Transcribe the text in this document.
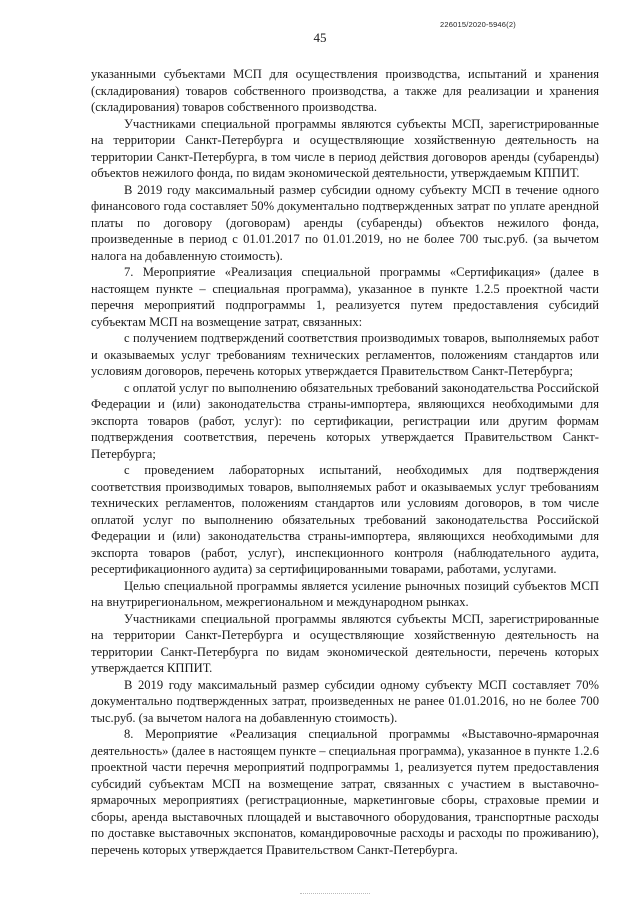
226015/2020-5946(2)
45

указанными субъектами МСП для осуществления производства, испытаний и хранения (складирования) товаров собственного производства, а также для реализации и хранения (складирования) товаров собственного производства.

Участниками специальной программы являются субъекты МСП, зарегистрированные на территории Санкт-Петербурга и осуществляющие хозяйственную деятельность на территории Санкт-Петербурга, в том числе в период действия договоров аренды (субаренды) объектов нежилого фонда, по видам экономической деятельности, утверждаемым КППИТ.

В 2019 году максимальный размер субсидии одному субъекту МСП в течение одного финансового года составляет 50% документально подтвержденных затрат по уплате арендной платы по договору (договорам) аренды (субаренды) объектов нежилого фонда, произведенные в период с 01.01.2017 по 01.01.2019, но не более 700 тыс.руб. (за вычетом налога на добавленную стоимость).

7. Мероприятие «Реализация специальной программы «Сертификация» (далее в настоящем пункте – специальная программа), указанное в пункте 1.2.5 проектной части перечня мероприятий подпрограммы 1, реализуется путем предоставления субсидий субъектам МСП на возмещение затрат, связанных:

с получением подтверждений соответствия производимых товаров, выполняемых работ и оказываемых услуг требованиям технических регламентов, положениям стандартов или условиям договоров, перечень которых утверждается Правительством Санкт-Петербурга;

с оплатой услуг по выполнению обязательных требований законодательства Российской Федерации и (или) законодательства страны-импортера, являющихся необходимыми для экспорта товаров (работ, услуг): по сертификации, регистрации или другим формам подтверждения соответствия, перечень которых утверждается Правительством Санкт-Петербурга;

с проведением лабораторных испытаний, необходимых для подтверждения соответствия производимых товаров, выполняемых работ и оказываемых услуг требованиям технических регламентов, положениям стандартов или условиям договоров, в том числе оплатой услуг по выполнению обязательных требований законодательства Российской Федерации и (или) законодательства страны-импортера, являющихся необходимыми для экспорта товаров (работ, услуг), инспекционного контроля (наблюдательного аудита, ресертификационного аудита) за сертифицированными товарами, работами, услугами.

Целью специальной программы является усиление рыночных позиций субъектов МСП на внутрирегиональном, межрегиональном и международном рынках.

Участниками специальной программы являются субъекты МСП, зарегистрированные на территории Санкт-Петербурга и осуществляющие хозяйственную деятельность на территории Санкт-Петербурга по видам экономической деятельности, перечень которых утверждается КППИТ.

В 2019 году максимальный размер субсидии одному субъекту МСП составляет 70% документально подтвержденных затрат, произведенных не ранее 01.01.2016, но не более 700 тыс.руб. (за вычетом налога на добавленную стоимость).

8. Мероприятие «Реализация специальной программы «Выставочно-ярмарочная деятельность» (далее в настоящем пункте – специальная программа), указанное в пункте 1.2.6 проектной части перечня мероприятий подпрограммы 1, реализуется путем предоставления субсидий субъектам МСП на возмещение затрат, связанных с участием в выставочно-ярмарочных мероприятиях (регистрационные, маркетинговые сборы, страховые премии и сборы, аренда выставочных площадей и выставочного оборудования, транспортные расходы по доставке выставочных экспонатов, командировочные расходы и расходы по проживанию), перечень которых утверждается Правительством Санкт-Петербурга.
